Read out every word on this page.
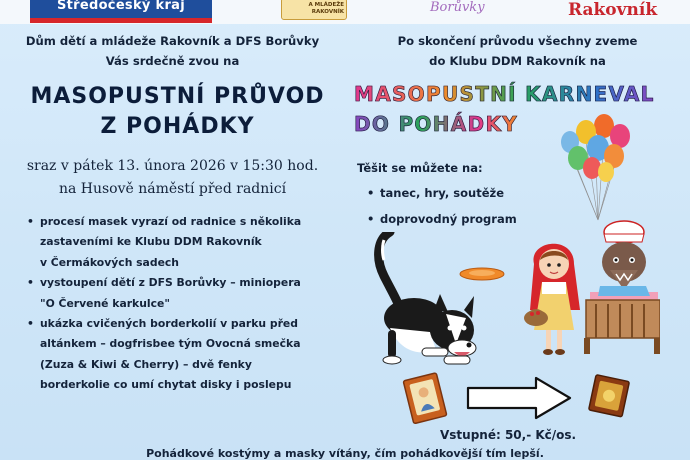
Středočeský kraj	A MLÁDEŽE
RAKOVNÍK	Borůvky	Rakovník
Dům dětí a mládeže Rakovník a DFS Borůvky
Vás srdečně zvou na
MASOPUSTNÍ PRŮVOD
Z POHÁDKY
sraz v pátek 13. února 2026 v 15:30 hod.
na Husově náměstí před radnicí
• procesí masek vyrazí od radnice s několika
zastaveními ke Klubu DDM Rakovník
v Čermákových sadech
• vystoupení dětí z DFS Borůvky – miniopera
"O Červené karkulce"
• ukázka cvičených borderkolií v parku před
altánkem – dogfrisbee tým Ovocná smečka
(Zuza & Kiwi & Cherry) – dvě fenky
borderkolie co umí chytat disky i poslepu
Po skončení průvodu všechny zveme
do Klubu DDM Rakovník na
MASOPUSTNÍ KARNEVAL
DO POHÁDKY
Těšit se můžete na:
• tanec, hry, soutěže
• doprovodný program
Vstupné: 50,- Kč/os.
Pohádkové kostýmy a masky vítány, čím pohádkovější tím lepší.
